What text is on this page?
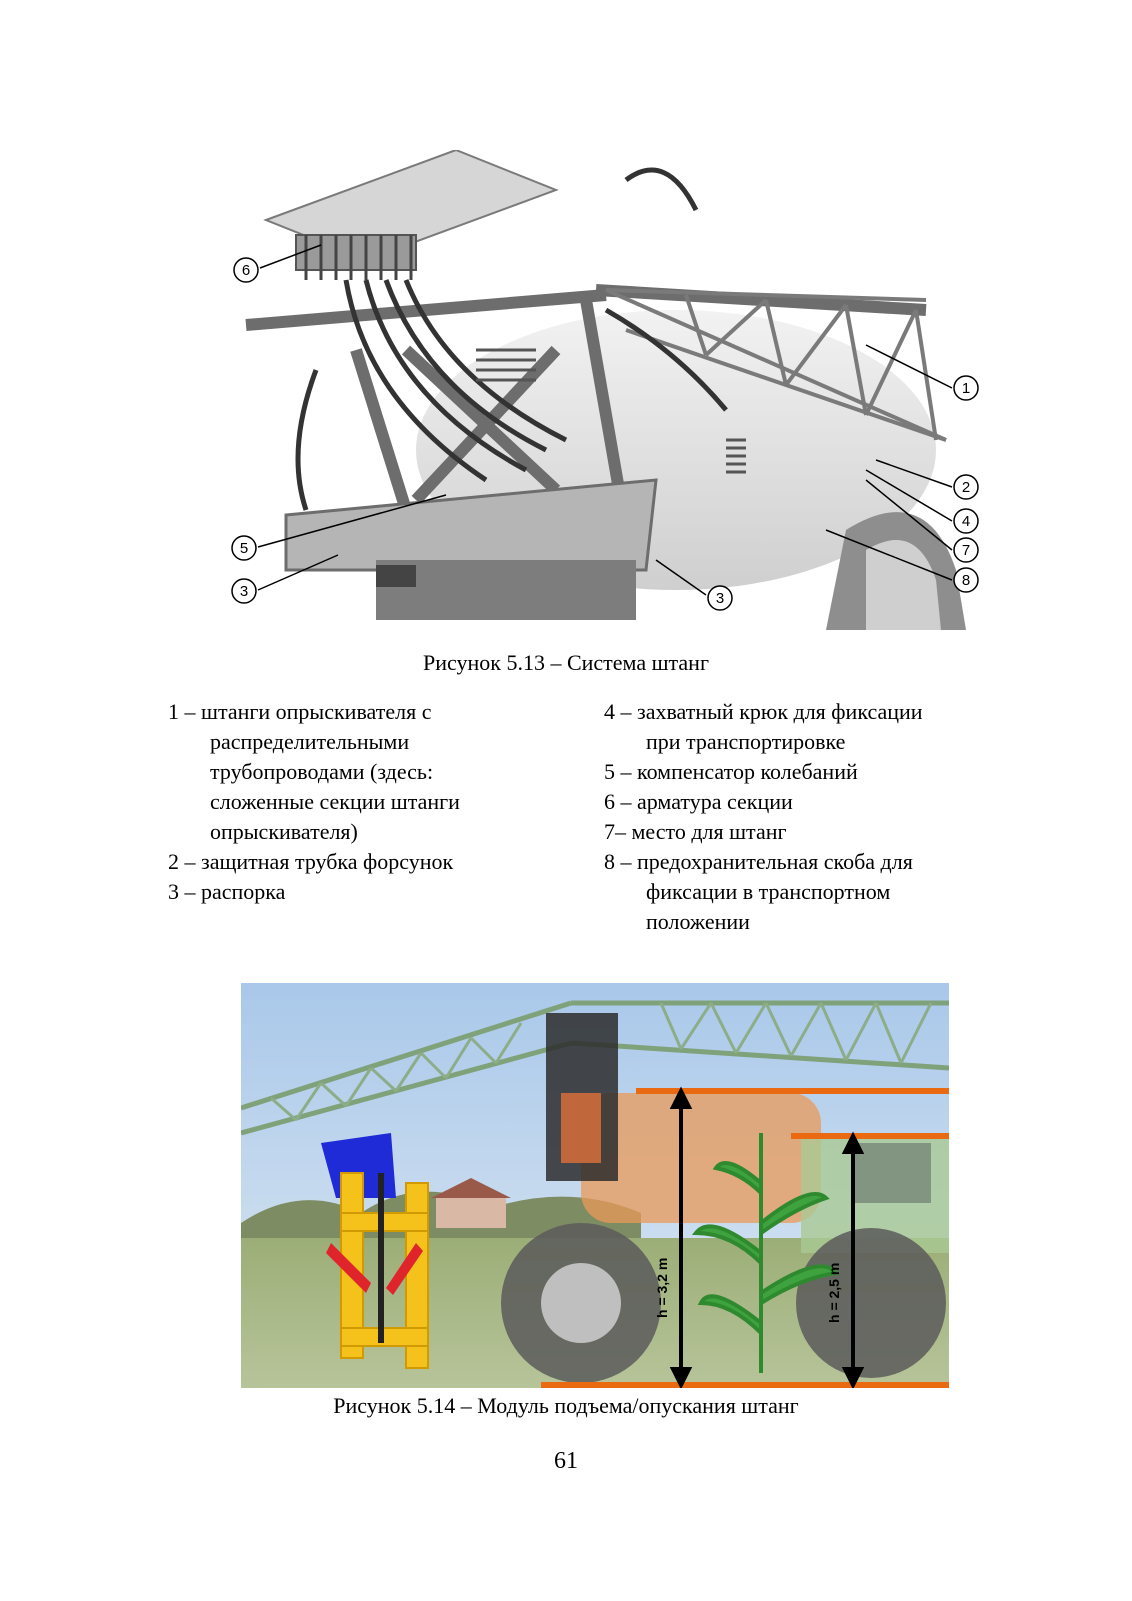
6
1
2
4
7
8
5
3	3
Рисунок 5.13 – Система штанг
1 – штанги опрыскивателя с
распределительными
трубопроводами (здесь:
сложенные секции штанги
опрыскивателя)
2 – защитная трубка форсунок
3 – распорка
4 – захватный крюк для фиксации
при транспортировке
5 – компенсатор колебаний
6 – арматура секции
7– место для штанг
8 – предохранительная скоба для
фиксации в транспортном
положении
h = 3,2 m	h = 2,5 m
Рисунок 5.14 – Модуль подъема/опускания штанг
61
